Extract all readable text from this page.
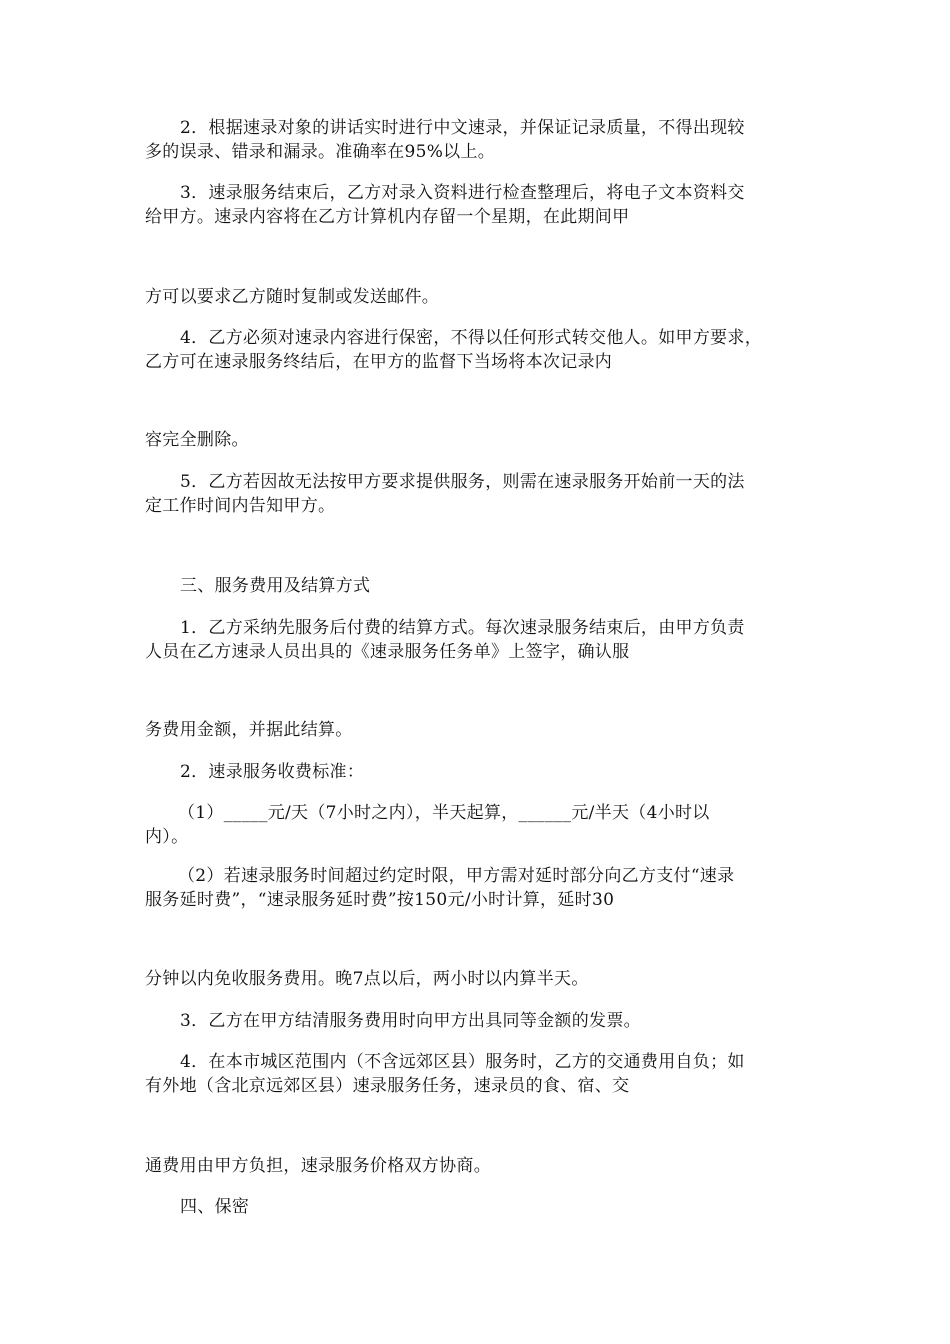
2．根据速录对象的讲话实时进行中文速录，并保证记录质量，不得出现较
多的误录、错录和漏录。准确率在95%以上。
3．速录服务结束后，乙方对录入资料进行检查整理后，将电子文本资料交
给甲方。速录内容将在乙方计算机内存留一个星期，在此期间甲
方可以要求乙方随时复制或发送邮件。
4．乙方必须对速录内容进行保密，不得以任何形式转交他人。如甲方要求，
乙方可在速录服务终结后，在甲方的监督下当场将本次记录内
容完全删除。
5．乙方若因故无法按甲方要求提供服务，则需在速录服务开始前一天的法
定工作时间内告知甲方。
三、服务费用及结算方式
1．乙方采纳先服务后付费的结算方式。每次速录服务结束后，由甲方负责
人员在乙方速录人员出具的《速录服务任务单》上签字，确认服
务费用金额，并据此结算。
2．速录服务收费标准：
（1）_____元/天（7小时之内），半天起算，______元/半天（4小时以
内）。
（2）若速录服务时间超过约定时限，甲方需对延时部分向乙方支付“速录
服务延时费”，“速录服务延时费”按150元/小时计算，延时30
分钟以内免收服务费用。晚7点以后，两小时以内算半天。
3．乙方在甲方结清服务费用时向甲方出具同等金额的发票。
4．在本市城区范围内（不含远郊区县）服务时，乙方的交通费用自负；如
有外地（含北京远郊区县）速录服务任务，速录员的食、宿、交
通费用由甲方负担，速录服务价格双方协商。
四、保密
